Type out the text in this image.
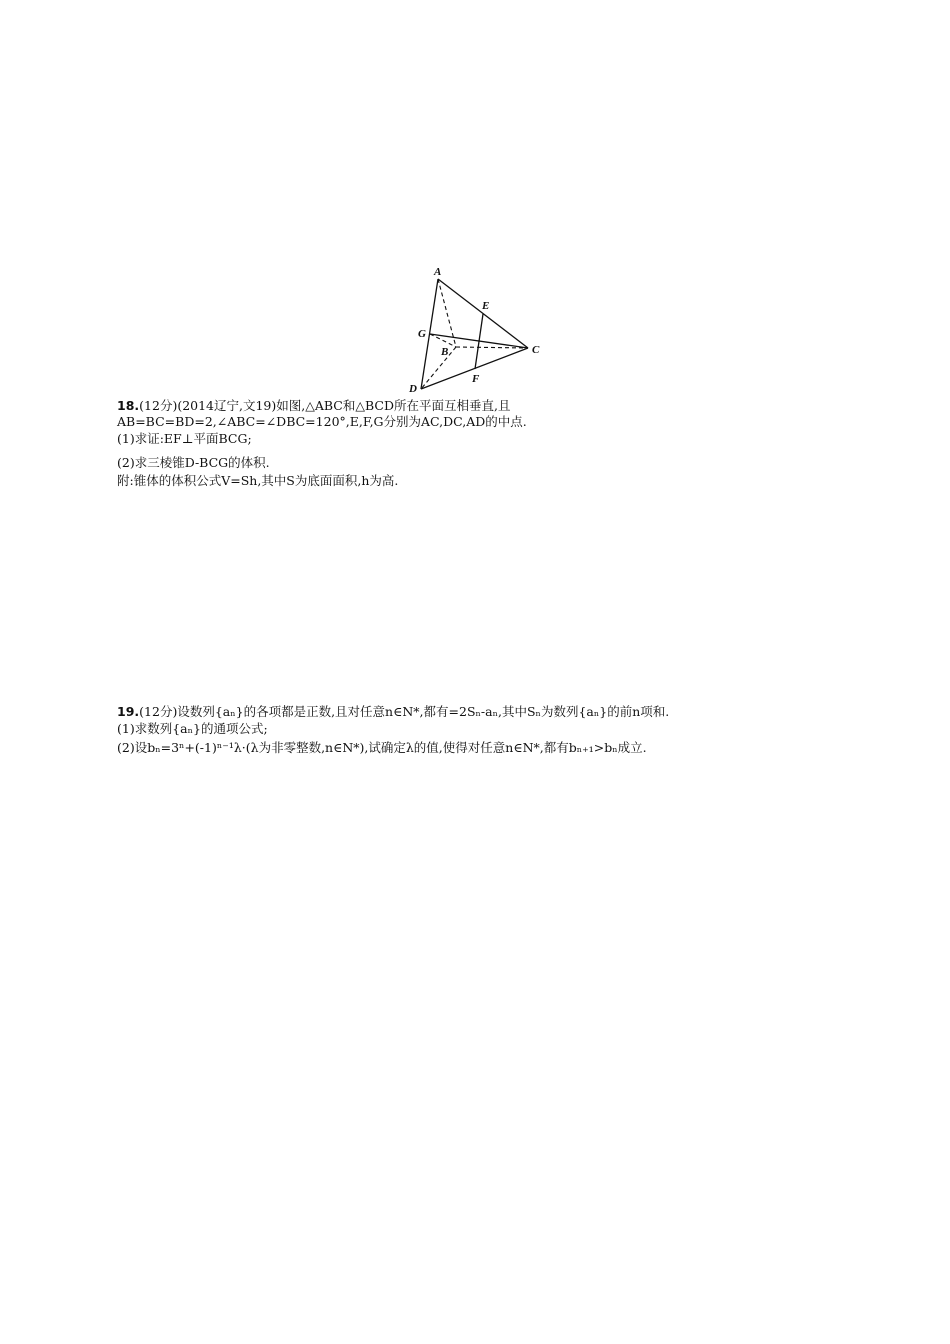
A
E
G
B	C
F
D
18.(12分)(2014辽宁,文19)如图,△ABC和△BCD所在平面互相垂直,且
AB=BC=BD=2,∠ABC=∠DBC=120°,E,F,G分别为AC,DC,AD的中点.
(1)求证:EF⊥平面BCG;
(2)求三棱锥D-BCG的体积.
附:锥体的体积公式V=Sh,其中S为底面面积,h为高.
19.(12分)设数列{aₙ}的各项都是正数,且对任意n∈N*,都有=2Sₙ-aₙ,其中Sₙ为数列{aₙ}的前n项和.
(1)求数列{aₙ}的通项公式;
(2)设bₙ=3ⁿ+(-1)ⁿ⁻¹λ·(λ为非零整数,n∈N*),试确定λ的值,使得对任意n∈N*,都有bₙ₊₁>bₙ成立.
